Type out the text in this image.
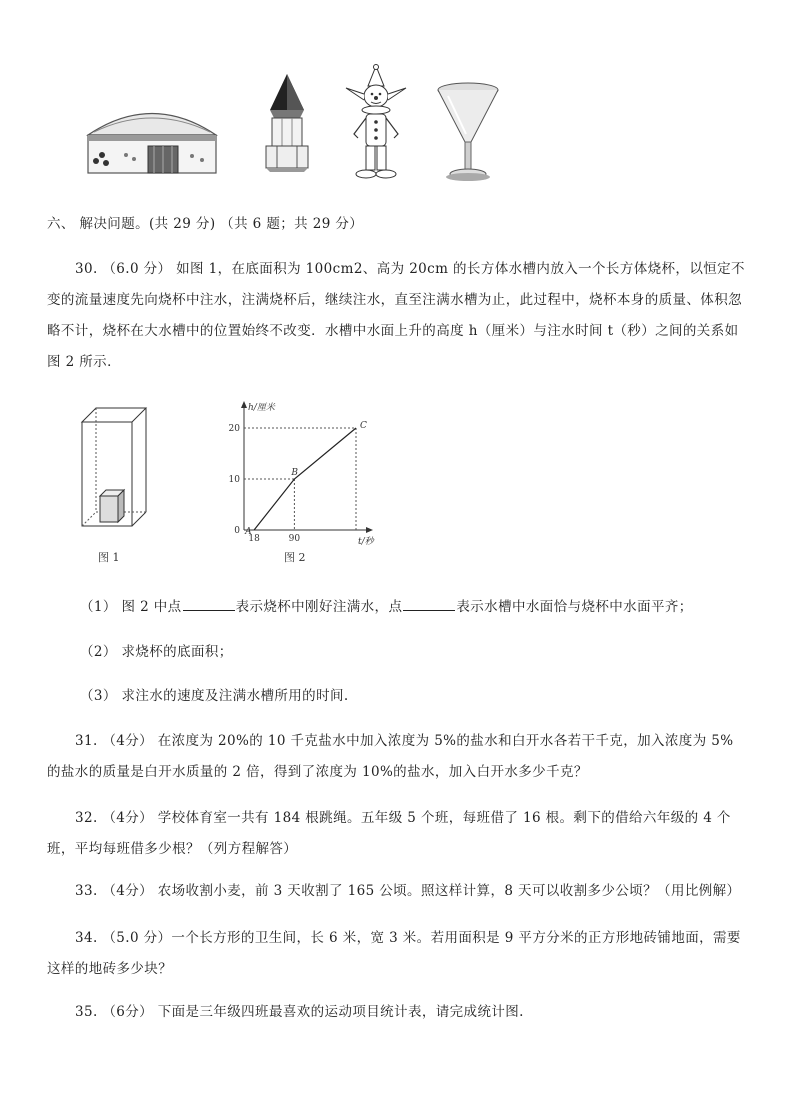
六、 解决问题。(共 29 分) （共 6 题；共 29 分）
30. （6.0 分） 如图 1，在底面积为 100cm2、高为 20cm 的长方体水槽内放入一个长方体烧杯，以恒定不变的流量速度先向烧杯中注水，注满烧杯后，继续注水，直至注满水槽为止，此过程中，烧杯本身的质量、体积忽略不计，烧杯在大水槽中的位置始终不改变．水槽中水面上升的高度 h（厘米）与注水时间 t（秒）之间的关系如图 2 所示．
图 1
h/厘米
t/秒
20
10
0
18	90
A
B
C
图 2
（1） 图 2 中点	表示烧杯中刚好注满水，点	表示水槽中水面恰与烧杯中水面平齐；
（2） 求烧杯的底面积；
（3） 求注水的速度及注满水槽所用的时间.
31. （4分） 在浓度为 20%的 10 千克盐水中加入浓度为 5%的盐水和白开水各若干千克，加入浓度为 5%的盐水的质量是白开水质量的 2 倍，得到了浓度为 10%的盐水，加入白开水多少千克？
32. （4分） 学校体育室一共有 184 根跳绳。五年级 5 个班，每班借了 16 根。剩下的借给六年级的 4 个班，平均每班借多少根？（列方程解答）
33. （4分） 农场收割小麦，前 3 天收割了 165 公顷。照这样计算，8 天可以收割多少公顷？（用比例解）
34. （5.0 分）一个长方形的卫生间，长 6 米，宽 3 米。若用面积是 9 平方分米的正方形地砖铺地面，需要这样的地砖多少块？
35. （6分） 下面是三年级四班最喜欢的运动项目统计表，请完成统计图.
